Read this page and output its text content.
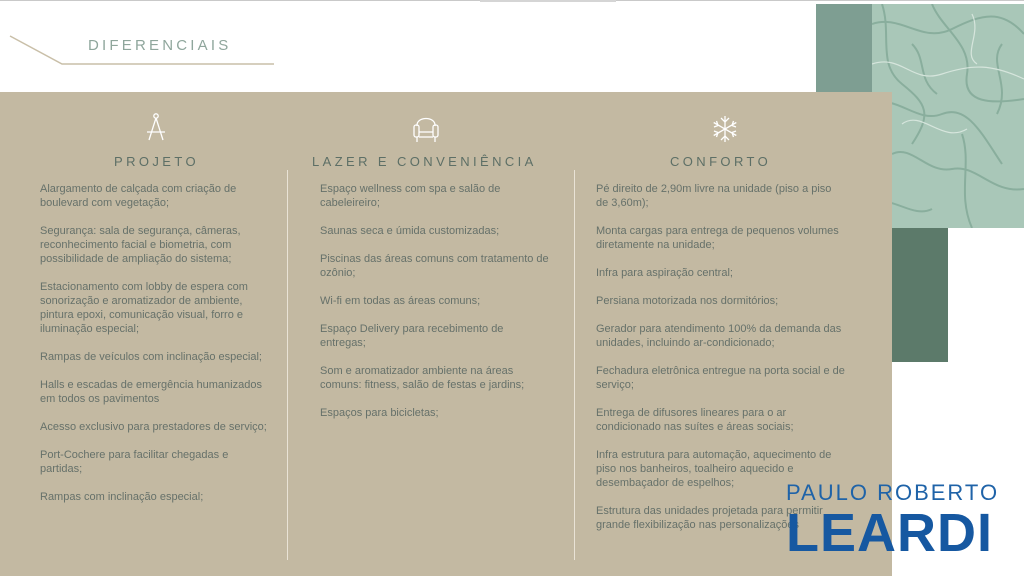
DIFERENCIAIS
PROJETO
Alargamento de calçada com criação de boulevard com vegetação;
Segurança: sala de segurança, câmeras, reconhecimento facial e biometria, com possibilidade de ampliação do sistema;
Estacionamento com lobby de espera com sonorização e aromatizador de ambiente, pintura epoxi, comunicação visual, forro e iluminação especial;
Rampas de veículos com inclinação especial;
Halls e escadas de emergência humanizados em todos os pavimentos
Acesso exclusivo para prestadores de serviço;
Port-Cochere para facilitar chegadas e partidas;
Rampas com inclinação especial;
LAZER E CONVENIÊNCIA
Espaço wellness com spa e salão de cabeleireiro;
Saunas seca e úmida customizadas;
Piscinas das áreas comuns com tratamento de ozônio;
Wi-fi em todas as áreas comuns;
Espaço Delivery para recebimento de entregas;
Som e aromatizador ambiente na áreas comuns: fitness, salão de festas e jardins;
Espaços para bicicletas;
CONFORTO
Pé direito de 2,90m livre na unidade (piso a piso de 3,60m);
Monta cargas para entrega de pequenos volumes diretamente na unidade;
Infra para aspiração central;
Persiana motorizada nos dormitórios;
Gerador para atendimento 100% da demanda das unidades, incluindo ar-condicionado;
Fechadura eletrônica entregue na porta social e de serviço;
Entrega de difusores lineares para o ar condicionado nas suítes e áreas sociais;
Infra estrutura para automação, aquecimento de piso nos banheiros, toalheiro aquecido e desembaçador de espelhos;
Estrutura das unidades projetada para permitir grande flexibilização nas personalizações
PAULO ROBERTO
LEARDI
